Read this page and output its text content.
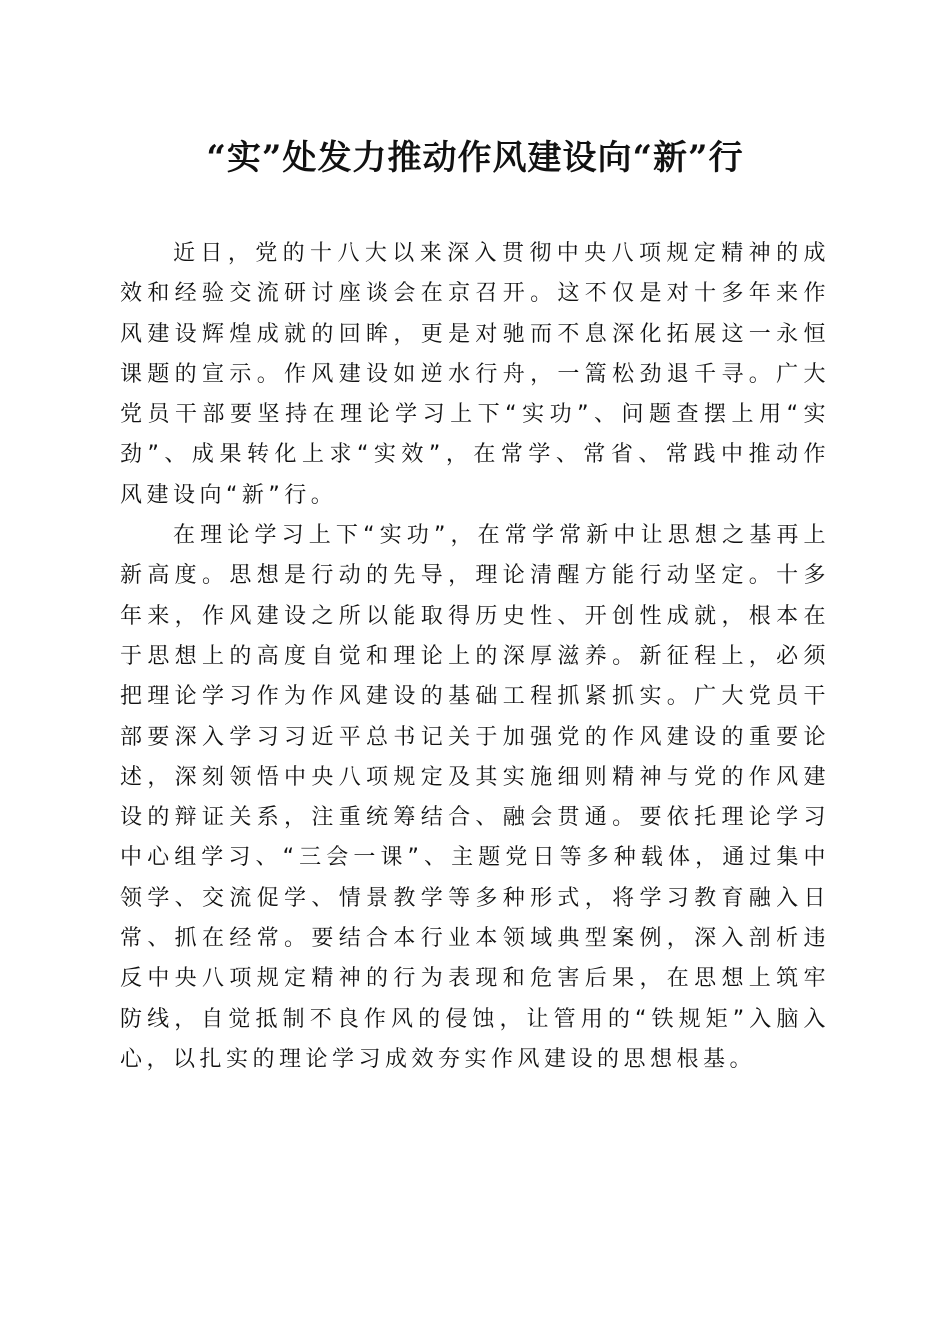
“实”处发力推动作风建设向“新”行

近日，党的十八大以来深入贯彻中央八项规定精神的成效和经验交流研讨座谈会在京召开。这不仅是对十多年来作风建设辉煌成就的回眸，更是对驰而不息深化拓展这一永恒课题的宣示。作风建设如逆水行舟，一篙松劲退千寻。广大党员干部要坚持在理论学习上下“实功”、问题查摆上用“实劲”、成果转化上求“实效”，在常学、常省、常践中推动作风建设向“新”行。

在理论学习上下“实功”，在常学常新中让思想之基再上新高度。思想是行动的先导，理论清醒方能行动坚定。十多年来，作风建设之所以能取得历史性、开创性成就，根本在于思想上的高度自觉和理论上的深厚滋养。新征程上，必须把理论学习作为作风建设的基础工程抓紧抓实。广大党员干部要深入学习习近平总书记关于加强党的作风建设的重要论述，深刻领悟中央八项规定及其实施细则精神与党的作风建设的辩证关系，注重统筹结合、融会贯通。要依托理论学习中心组学习、“三会一课”、主题党日等多种载体，通过集中领学、交流促学、情景教学等多种形式，将学习教育融入日常、抓在经常。要结合本行业本领域典型案例，深入剖析违反中央八项规定精神的行为表现和危害后果，在思想上筑牢防线，自觉抵制不良作风的侵蚀，让管用的“铁规矩”入脑入心，以扎实的理论学习成效夯实作风建设的思想根基。
